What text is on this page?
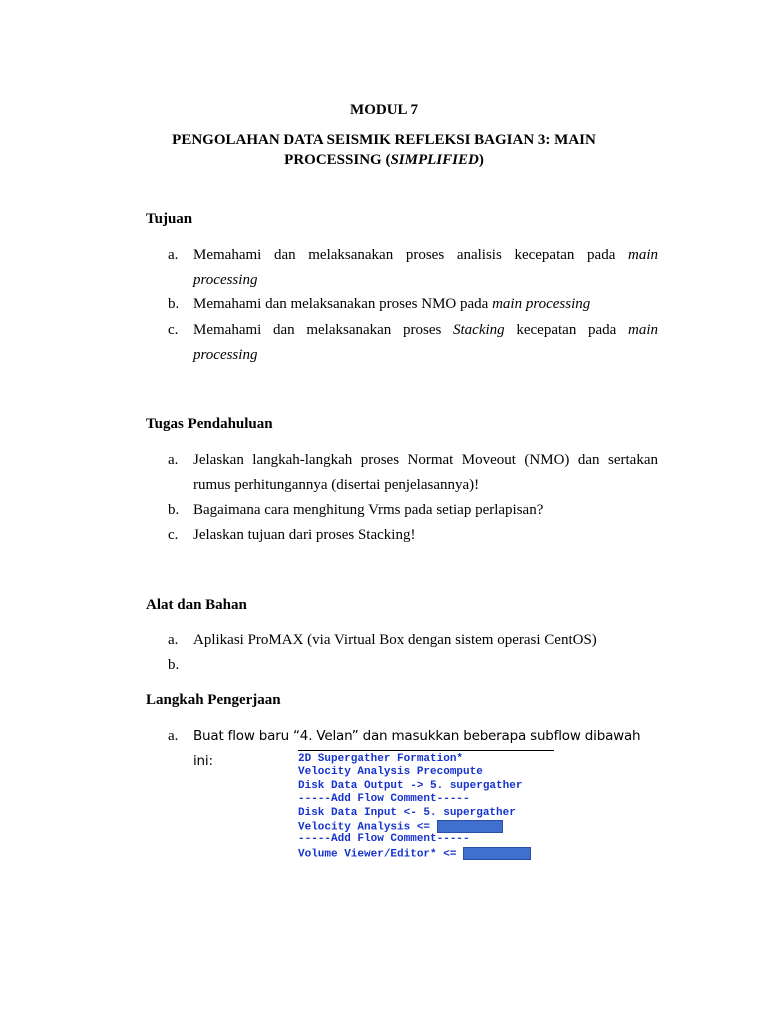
MODUL 7
PENGOLAHAN DATA SEISMIK REFLEKSI BAGIAN 3: MAIN
PROCESSING (SIMPLIFIED)
Tujuan
a. Memahami dan melaksanakan proses analisis kecepatan pada main
processing
b. Memahami dan melaksanakan proses NMO pada main processing
c. Memahami dan melaksanakan proses Stacking kecepatan pada main
processing
Tugas Pendahuluan
a. Jelaskan langkah-langkah proses Normat Moveout (NMO) dan sertakan
rumus perhitungannya (disertai penjelasannya)!
b. Bagaimana cara menghitung Vrms pada setiap perlapisan?
c. Jelaskan tujuan dari proses Stacking!
Alat dan Bahan
a. Aplikasi ProMAX (via Virtual Box dengan sistem operasi CentOS)
b.
Langkah Pengerjaan
a. Buat flow baru “4. Velan” dan masukkan beberapa subflow dibawah ini:	2D Supergather Formation*
Velocity Analysis Precompute
Disk Data Output -> 5. supergather
-----Add Flow Comment-----
Disk Data Input <- 5. supergather
Velocity Analysis <=
-----Add Flow Comment-----
Volume Viewer/Editor* <=
